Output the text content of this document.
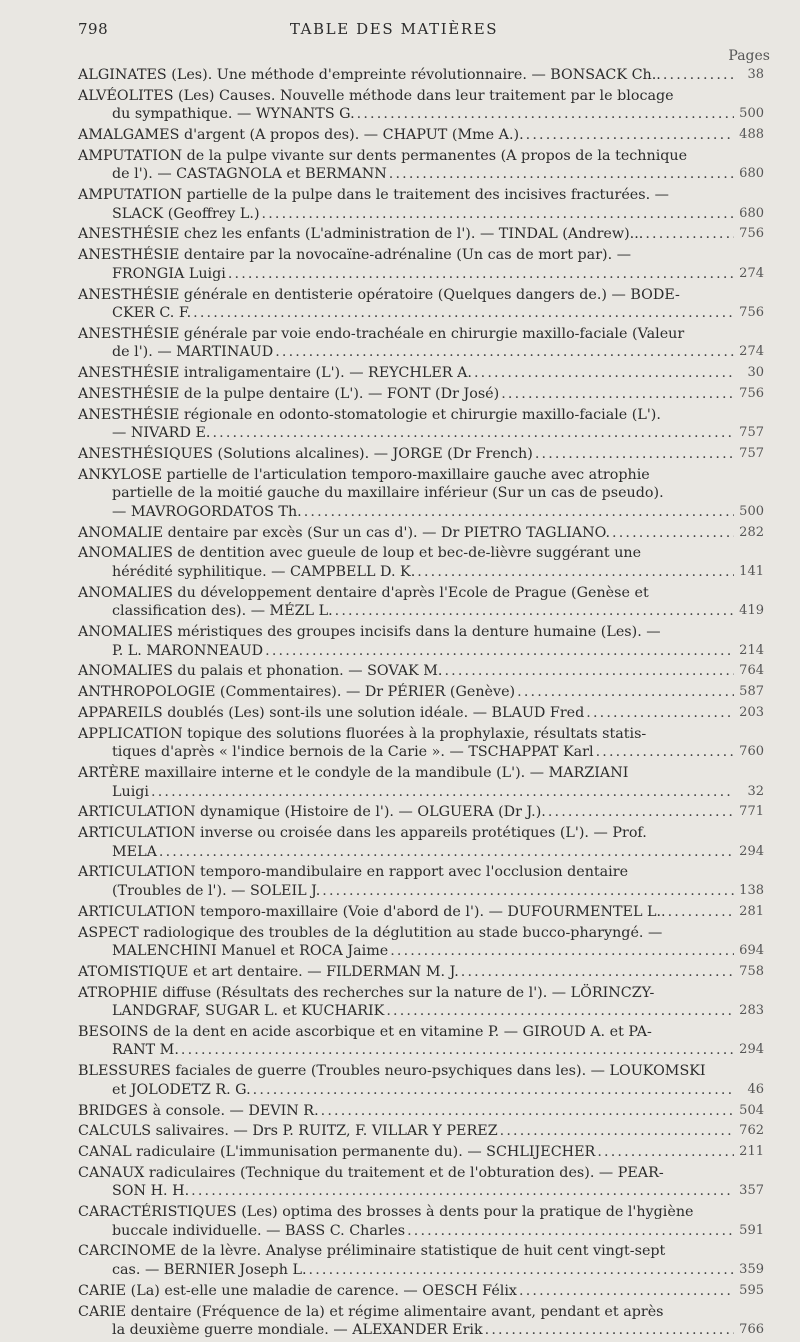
798	TABLE DES MATIÈRES
Pages
ALGINATES (Les). Une méthode d'empreinte révolutionnaire. — BONSACK Ch.. . . .	38
ALVÉOLITES (Les) Causes. Nouvelle méthode dans leur traitement par le blocage
du sympathique. — WYNANTS G. . . .	500
AMALGAMES d'argent (A propos des). — CHAPUT (Mme A.). . . .	488
AMPUTATION de la pulpe vivante sur dents permanentes (A propos de la technique
de l'). — CASTAGNOLA et BERMANN . . .	680
AMPUTATION partielle de la pulpe dans le traitement des incisives fracturées. —
SLACK (Geoffrey L.) . . .	680
ANESTHÉSIE chez les enfants (L'administration de l'). — TINDAL (Andrew)... . . .	756
ANESTHÉSIE dentaire par la novocaïne-adrénaline (Un cas de mort par). —
FRONGIA Luigi . . .	274
ANESTHÉSIE générale en dentisterie opératoire (Quelques dangers de.) — BODE-
CKER C. F. . . .	756
ANESTHÉSIE générale par voie endo-trachéale en chirurgie maxillo-faciale (Valeur
de l'). — MARTINAUD . . .	274
ANESTHÉSIE intraligamentaire (L'). — REYCHLER A. . . .	30
ANESTHÉSIE de la pulpe dentaire (L'). — FONT (Dr José) . . .	756
ANESTHÉSIE régionale en odonto-stomatologie et chirurgie maxillo-faciale (L').
— NIVARD E. . . .	757
ANESTHÉSIQUES (Solutions alcalines). — JORGE (Dr French) . . .	757
ANKYLOSE partielle de l'articulation temporo-maxillaire gauche avec atrophie
partielle de la moitié gauche du maxillaire inférieur (Sur un cas de pseudo).
— MAVROGORDATOS Th. . . .	500
ANOMALIE dentaire par excès (Sur un cas d'). — Dr PIETRO TAGLIANO. . . .	282
ANOMALIES de dentition avec gueule de loup et bec-de-lièvre suggérant une
hérédité syphilitique. — CAMPBELL D. K. . . .	141
ANOMALIES du développement dentaire d'après l'Ecole de Prague (Genèse et
classification des). — MÉZL L. . . .	419
ANOMALIES méristiques des groupes incisifs dans la denture humaine (Les). —
P. L. MARONNEAUD . . .	214
ANOMALIES du palais et phonation. — SOVAK M. . . .	764
ANTHROPOLOGIE (Commentaires). — Dr PÉRIER (Genève) . . .	587
APPAREILS doublés (Les) sont-ils une solution idéale. — BLAUD Fred . . .	203
APPLICATION topique des solutions fluorées à la prophylaxie, résultats statis-
tiques d'après « l'indice bernois de la Carie ». — TSCHAPPAT Karl . . .	760
ARTÈRE maxillaire interne et le condyle de la mandibule (L'). — MARZIANI
Luigi . . .	32
ARTICULATION dynamique (Histoire de l'). — OLGUERA (Dr J.). . . .	771
ARTICULATION inverse ou croisée dans les appareils protétiques (L'). — Prof.
MELA . . .	294
ARTICULATION temporo-mandibulaire en rapport avec l'occlusion dentaire
(Troubles de l'). — SOLEIL J. . . .	138
ARTICULATION temporo-maxillaire (Voie d'abord de l'). — DUFOURMENTEL L.. . . .	281
ASPECT radiologique des troubles de la déglutition au stade bucco-pharyngé. —
MALENCHINI Manuel et ROCA Jaime . . .	694
ATOMISTIQUE et art dentaire. — FILDERMAN M. J. . . .	758
ATROPHIE diffuse (Résultats des recherches sur la nature de l'). — LÖRINCZY-
LANDGRAF, SUGAR L. et KUCHARIK . . .	283
BESOINS de la dent en acide ascorbique et en vitamine P. — GIROUD A. et PA-
RANT M. . . .	294
BLESSURES faciales de guerre (Troubles neuro-psychiques dans les). — LOUKOMSKI
et JOLODETZ R. G. . . .	46
BRIDGES à console. — DEVIN R. . . .	504
CALCULS salivaires. — Drs P. RUITZ, F. VILLAR Y PEREZ . . .	762
CANAL radiculaire (L'immunisation permanente du). — SCHLIJECHER . . .	211
CANAUX radiculaires (Technique du traitement et de l'obturation des). — PEAR-
SON H. H. . . .	357
CARACTÉRISTIQUES (Les) optima des brosses à dents pour la pratique de l'hygiène
buccale individuelle. — BASS C. Charles . . .	591
CARCINOME de la lèvre. Analyse préliminaire statistique de huit cent vingt-sept
cas. — BERNIER Joseph L. . . .	359
CARIE (La) est-elle une maladie de carence. — OESCH Félix . . .	595
CARIE dentaire (Fréquence de la) et régime alimentaire avant, pendant et après
la deuxième guerre mondiale. — ALEXANDER Erik . . .	766
